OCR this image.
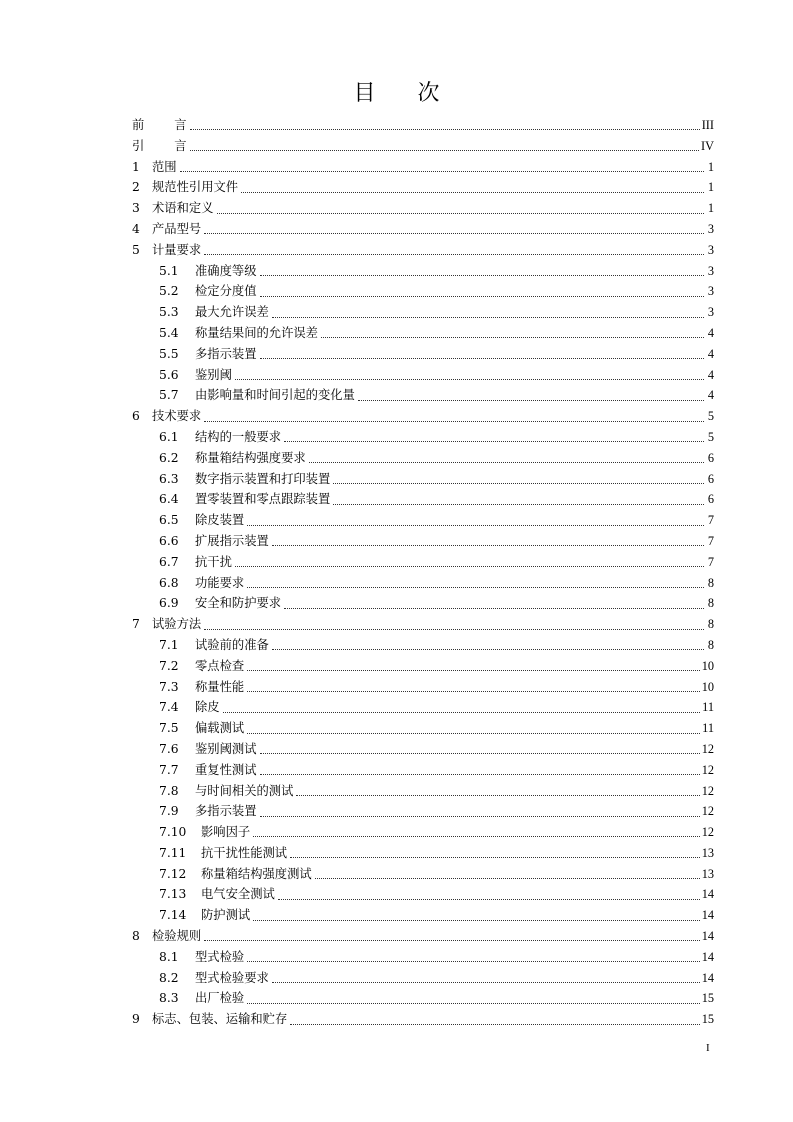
目 次
前 言	III
引 言	IV
1 范围	1
2 规范性引用文件	1
3 术语和定义	1
4 产品型号	3
5 计量要求	3
5.1	准确度等级	3
5.2	检定分度值	3
5.3	最大允许误差	3
5.4	称量结果间的允许误差	4
5.5	多指示装置	4
5.6	鉴别阈	4
5.7	由影响量和时间引起的变化量	4
6 技术要求	5
6.1	结构的一般要求	5
6.2	称量箱结构强度要求	6
6.3	数字指示装置和打印装置	6
6.4	置零装置和零点跟踪装置	6
6.5	除皮装置	7
6.6	扩展指示装置	7
6.7	抗干扰	7
6.8	功能要求	8
6.9	安全和防护要求	8
7 试验方法	8
7.1	试验前的准备	8
7.2	零点检查	10
7.3	称量性能	10
7.4	除皮	11
7.5	偏载测试	11
7.6	鉴别阈测试	12
7.7	重复性测试	12
7.8	与时间相关的测试	12
7.9	多指示装置	12
7.10	影响因子	12
7.11	抗干扰性能测试	13
7.12	称量箱结构强度测试	13
7.13	电气安全测试	14
7.14	防护测试	14
8 检验规则	14
8.1	型式检验	14
8.2	型式检验要求	14
8.3	出厂检验	15
9 标志、包装、运输和贮存	15
I
